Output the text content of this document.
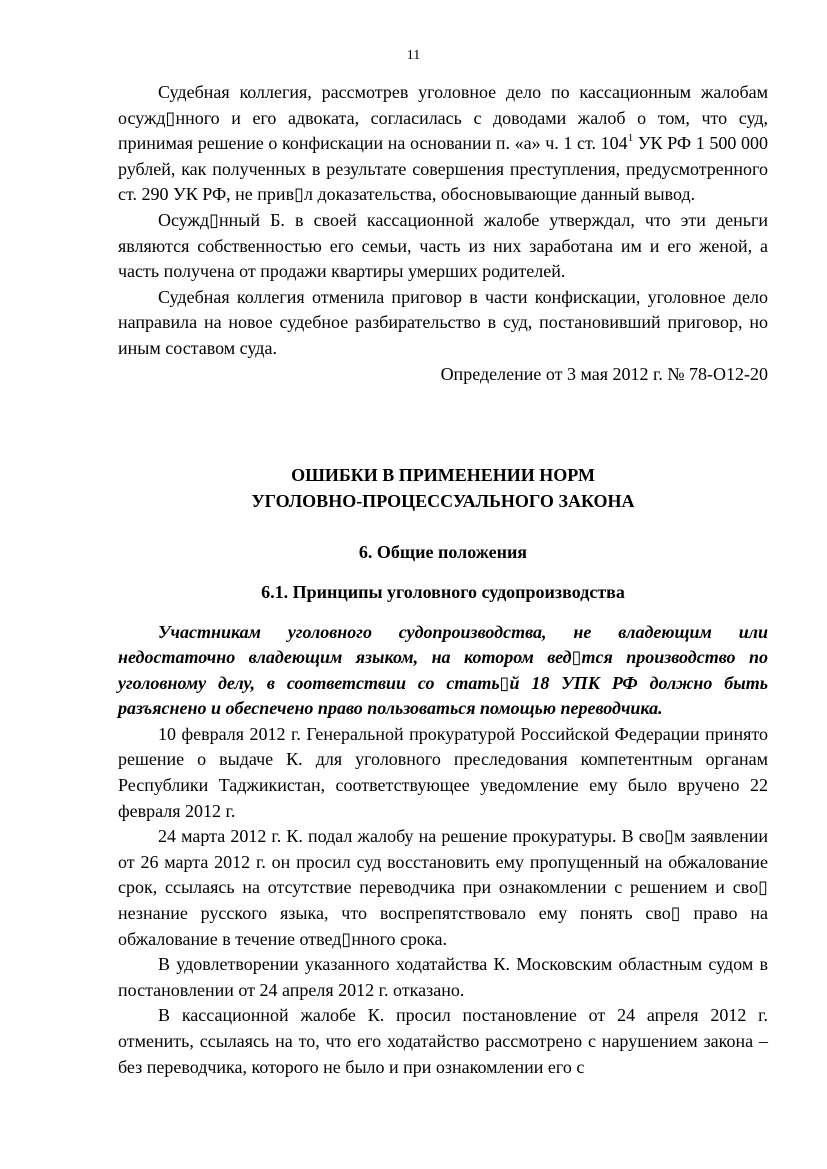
11

Судебная коллегия, рассмотрев уголовное дело по кассационным жалобам осужд▯нного и его адвоката, согласилась с доводами жалоб о том, что суд, принимая решение о конфискации на основании п. «а» ч. 1 ст. $104^1$ УК РФ 1 500 000 рублей, как полученных в результате совершения преступления, предусмотренного ст. 290 УК РФ, не прив▯л доказательства, обосновывающие данный вывод.

Осужд▯нный Б. в своей кассационной жалобе утверждал, что эти деньги являются собственностью его семьи, часть из них заработана им и его женой, а часть получена от продажи квартиры умерших родителей.

Судебная коллегия отменила приговор в части конфискации, уголовное дело направила на новое судебное разбирательство в суд, постановивший приговор, но иным составом суда.

Определение от 3 мая 2012 г. № 78-О12-20

ОШИБКИ В ПРИМЕНЕНИИ НОРМ

УГОЛОВНО-ПРОЦЕССУАЛЬНОГО ЗАКОНА

6. Общие положения

6.1. Принципы уголовного судопроизводства

Участникам уголовного судопроизводства, не владеющим или недостаточно владеющим языком, на котором вед▯тся производство по уголовному делу, в соответствии со стать▯й 18 УПК РФ должно быть разъяснено и обеспечено право пользоваться помощью переводчика.

10 февраля 2012 г. Генеральной прокуратурой Российской Федерации принято решение о выдаче К. для уголовного преследования компетентным органам Республики Таджикистан, соответствующее уведомление ему было вручено 22 февраля 2012 г.

24 марта 2012 г. К. подал жалобу на решение прокуратуры. В сво▯м заявлении от 26 марта 2012 г. он просил суд восстановить ему пропущенный на обжалование срок, ссылаясь на отсутствие переводчика при ознакомлении с решением и сво▯ незнание русского языка, что воспрепятствовало ему понять сво▯ право на обжалование в течение отвед▯нного срока.

В удовлетворении указанного ходатайства К. Московским областным судом в постановлении от 24 апреля 2012 г. отказано.

В кассационной жалобе К. просил постановление от 24 апреля 2012 г. отменить, ссылаясь на то, что его ходатайство рассмотрено с нарушением закона – без переводчика, которого не было и при ознакомлении его с
